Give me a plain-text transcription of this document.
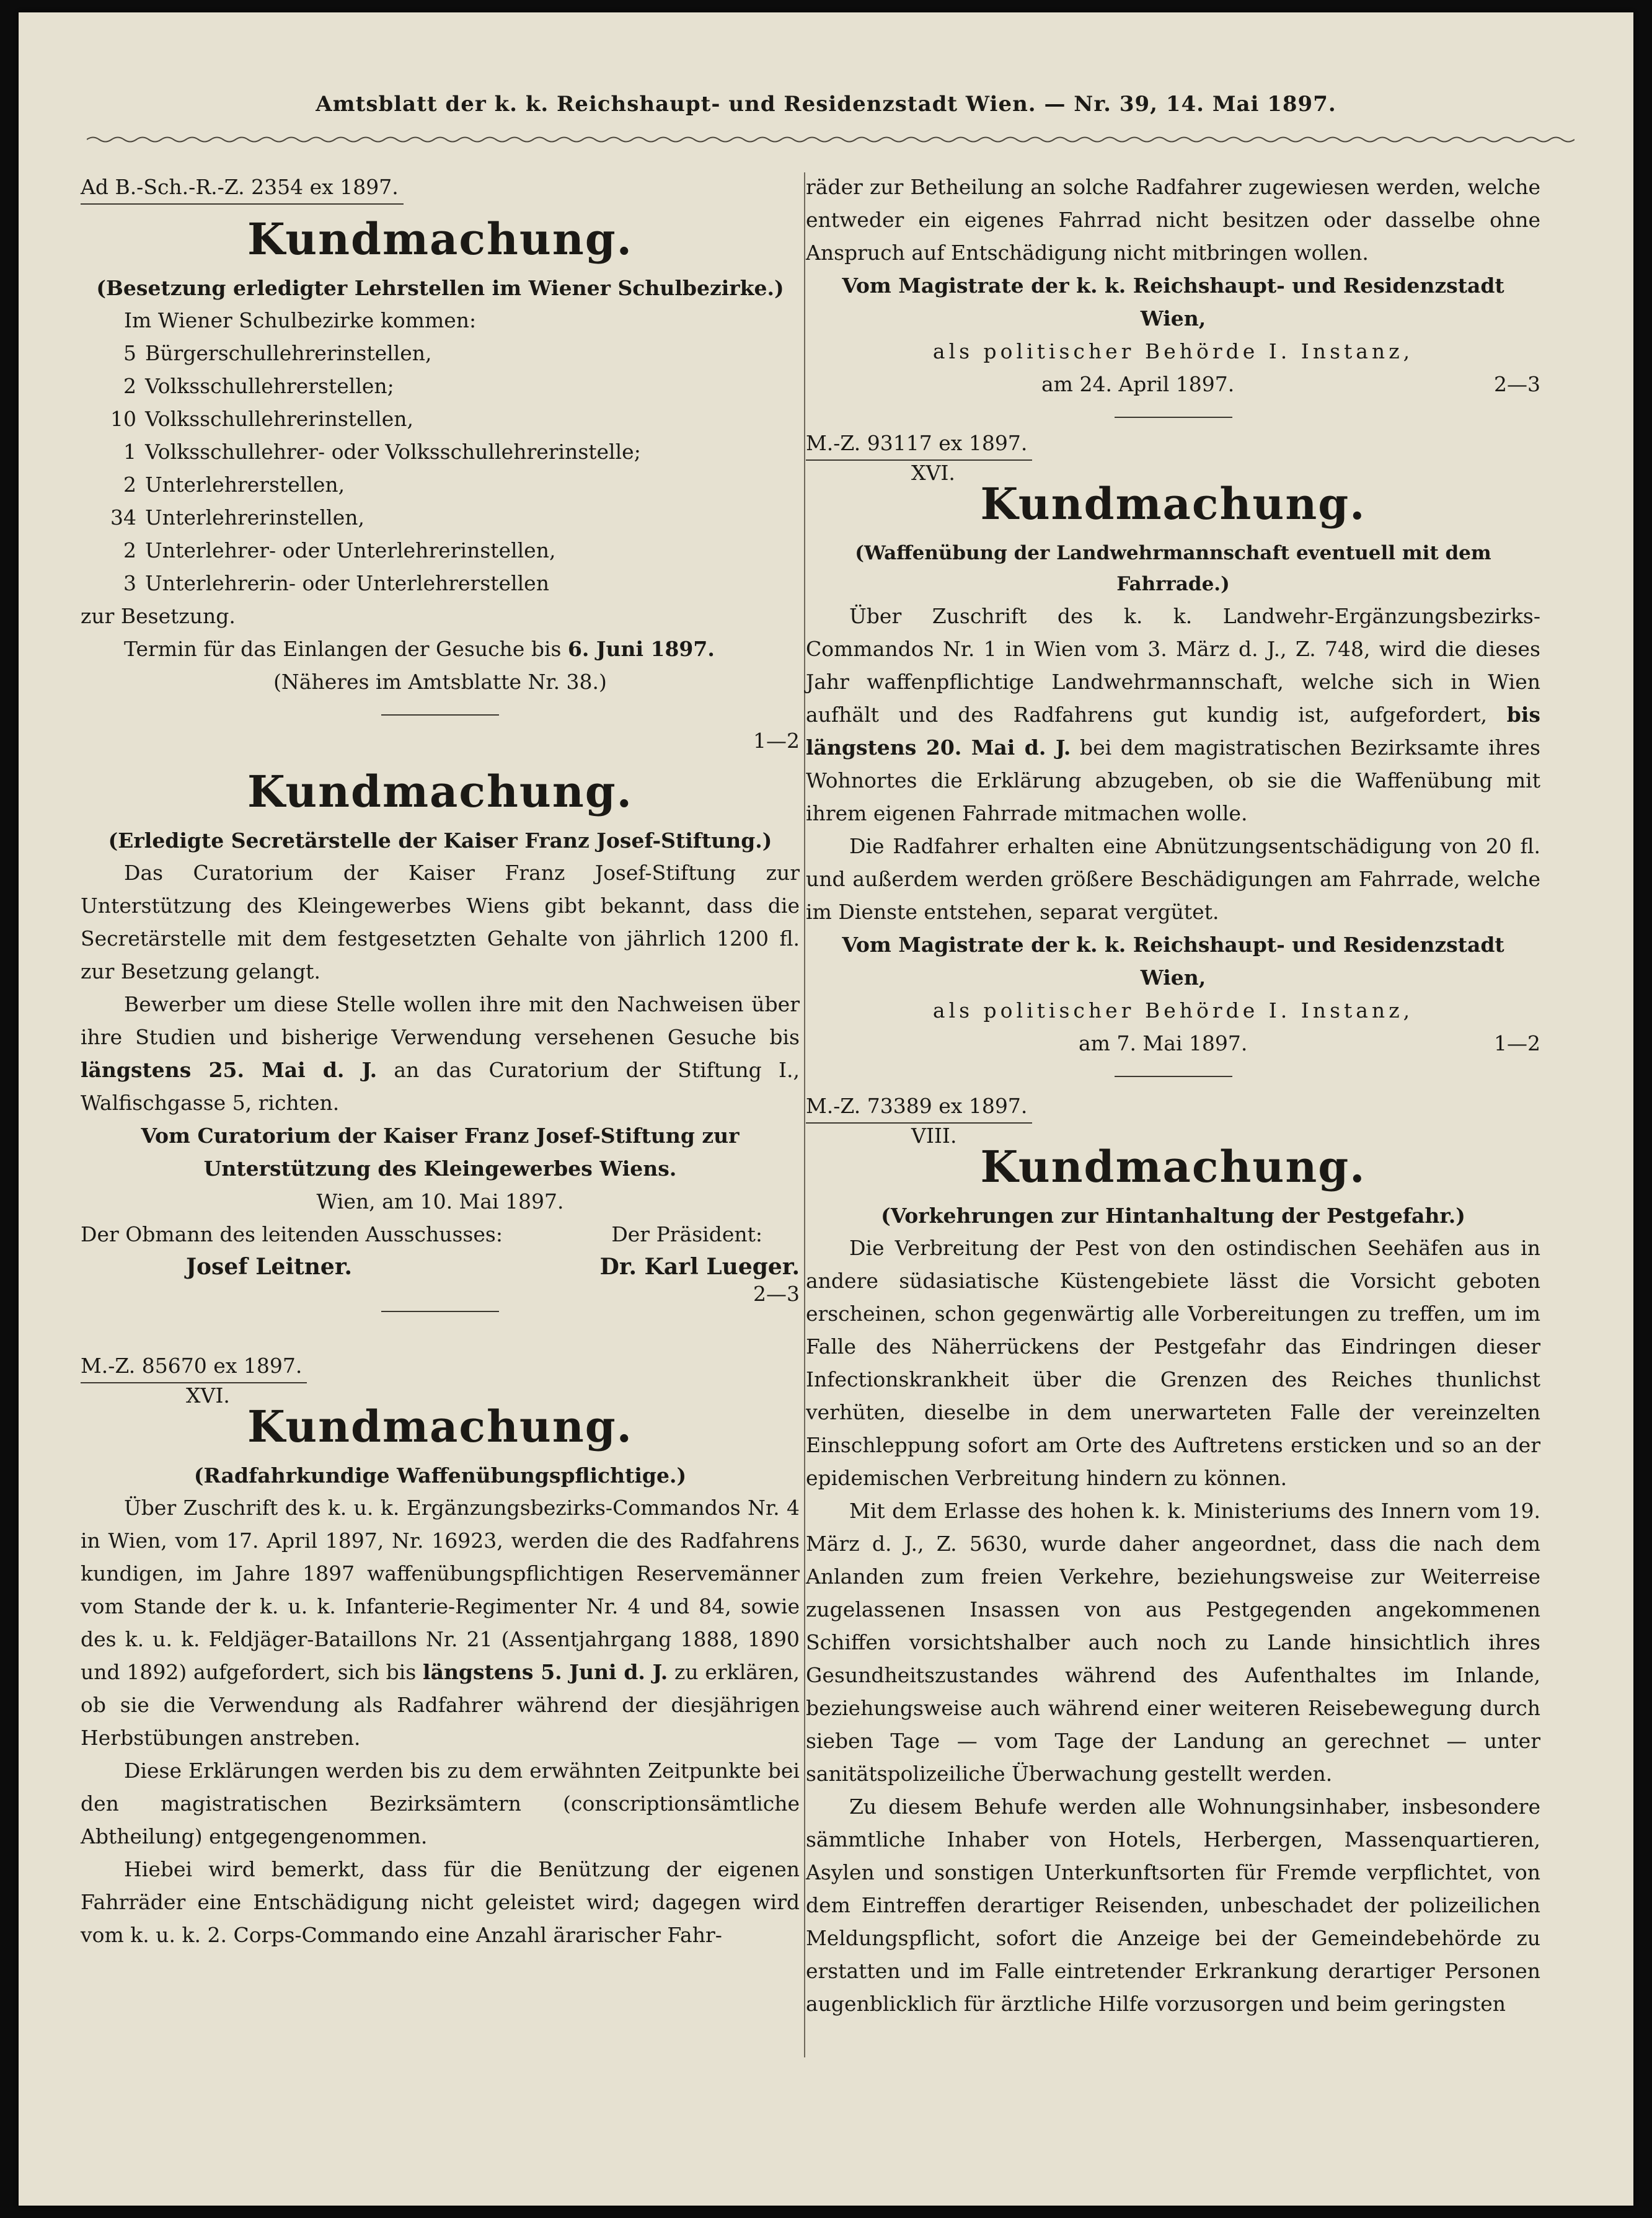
Amtsblatt der k. k. Reichshaupt- und Residenzstadt Wien. — Nr. 39, 14. Mai 1897.
Ad B.-Sch.-R.-Z. 2354 ex 1897.
Kundmachung.
(Besetzung erledigter Lehrstellen im Wiener Schulbezirke.)
Im Wiener Schulbezirke kommen:
5 Bürgerschullehrerinstellen,
2 Volksschullehrerstellen;
10 Volksschullehrerinstellen,
1 Volksschullehrer- oder Volksschullehrerinstelle;
2 Unterlehrerstellen,
34 Unterlehrerinstellen,
2 Unterlehrer- oder Unterlehrerinstellen,
3 Unterlehrerin- oder Unterlehrerstellen
zur Besetzung.
Termin für das Einlangen der Gesuche bis 6. Juni 1897.
(Näheres im Amtsblatte Nr. 38.)
1—2
Kundmachung.
(Erledigte Secretärstelle der Kaiser Franz Josef-Stiftung.)
Das Curatorium der Kaiser Franz Josef-Stiftung zur Unterstützung des Kleingewerbes Wiens gibt bekannt, dass die Secretärstelle mit dem festgesetzten Gehalte von jährlich 1200 fl. zur Besetzung gelangt.
Bewerber um diese Stelle wollen ihre mit den Nachweisen über ihre Studien und bisherige Verwendung versehenen Gesuche bis längstens 25. Mai d. J. an das Curatorium der Stiftung I., Walfischgasse 5, richten.
Vom Curatorium der Kaiser Franz Josef-Stiftung zur Unterstützung des Kleingewerbes Wiens.
Wien, am 10. Mai 1897.
Der Obmann des leitenden Ausschusses:	Der Präsident:
Josef Leitner.	Dr. Karl Lueger.
2—3
M.-Z. 85670 ex 1897.
XVI.
Kundmachung.
(Radfahrkundige Waffenübungspflichtige.)
Über Zuschrift des k. u. k. Ergänzungsbezirks-Commandos Nr. 4 in Wien, vom 17. April 1897, Nr. 16923, werden die des Radfahrens kundigen, im Jahre 1897 waffenübungspflichtigen Reservemänner vom Stande der k. u. k. Infanterie-Regimenter Nr. 4 und 84, sowie des k. u. k. Feldjäger-Bataillons Nr. 21 (Assentjahrgang 1888, 1890 und 1892) aufgefordert, sich bis längstens 5. Juni d. J. zu erklären, ob sie die Verwendung als Radfahrer während der diesjährigen Herbstübungen anstreben.
Diese Erklärungen werden bis zu dem erwähnten Zeitpunkte bei den magistratischen Bezirksämtern (conscriptionsämtliche Abtheilung) entgegengenommen.
Hiebei wird bemerkt, dass für die Benützung der eigenen Fahrräder eine Entschädigung nicht geleistet wird; dagegen wird vom k. u. k. 2. Corps-Commando eine Anzahl ärarischer Fahr-
räder zur Betheilung an solche Radfahrer zugewiesen werden, welche entweder ein eigenes Fahrrad nicht besitzen oder dasselbe ohne Anspruch auf Entschädigung nicht mitbringen wollen.
Vom Magistrate der k. k. Reichshaupt- und Residenzstadt Wien,
als politischer Behörde I. Instanz,
am 24. April 1897.	2—3
M.-Z. 93117 ex 1897.
XVI.
Kundmachung.
(Waffenübung der Landwehrmannschaft eventuell mit dem Fahrrade.)
Über Zuschrift des k. k. Landwehr-Ergänzungsbezirks-Commandos Nr. 1 in Wien vom 3. März d. J., Z. 748, wird die dieses Jahr waffenpflichtige Landwehrmannschaft, welche sich in Wien aufhält und des Radfahrens gut kundig ist, aufgefordert, bis längstens 20. Mai d. J. bei dem magistratischen Bezirksamte ihres Wohnortes die Erklärung abzugeben, ob sie die Waffenübung mit ihrem eigenen Fahrrade mitmachen wolle.
Die Radfahrer erhalten eine Abnützungsentschädigung von 20 fl. und außerdem werden größere Beschädigungen am Fahrrade, welche im Dienste entstehen, separat vergütet.
Vom Magistrate der k. k. Reichshaupt- und Residenzstadt Wien,
als politischer Behörde I. Instanz,
am 7. Mai 1897.	1—2
M.-Z. 73389 ex 1897.
VIII.
Kundmachung.
(Vorkehrungen zur Hintanhaltung der Pestgefahr.)
Die Verbreitung der Pest von den ostindischen Seehäfen aus in andere südasiatische Küstengebiete lässt die Vorsicht geboten erscheinen, schon gegenwärtig alle Vorbereitungen zu treffen, um im Falle des Näherrückens der Pestgefahr das Eindringen dieser Infectionskrankheit über die Grenzen des Reiches thunlichst verhüten, dieselbe in dem unerwarteten Falle der vereinzelten Einschleppung sofort am Orte des Auftretens ersticken und so an der epidemischen Verbreitung hindern zu können.
Mit dem Erlasse des hohen k. k. Ministeriums des Innern vom 19. März d. J., Z. 5630, wurde daher angeordnet, dass die nach dem Anlanden zum freien Verkehre, beziehungsweise zur Weiterreise zugelassenen Insassen von aus Pestgegenden angekommenen Schiffen vorsichtshalber auch noch zu Lande hinsichtlich ihres Gesundheitszustandes während des Aufenthaltes im Inlande, beziehungsweise auch während einer weiteren Reisebewegung durch sieben Tage — vom Tage der Landung an gerechnet — unter sanitätspolizeiliche Überwachung gestellt werden.
Zu diesem Behufe werden alle Wohnungsinhaber, insbesondere sämmtliche Inhaber von Hotels, Herbergen, Massenquartieren, Asylen und sonstigen Unterkunftsorten für Fremde verpflichtet, von dem Eintreffen derartiger Reisenden, unbeschadet der polizeilichen Meldungspflicht, sofort die Anzeige bei der Gemeindebehörde zu erstatten und im Falle eintretender Erkrankung derartiger Personen augenblicklich für ärztliche Hilfe vorzusorgen und beim geringsten
